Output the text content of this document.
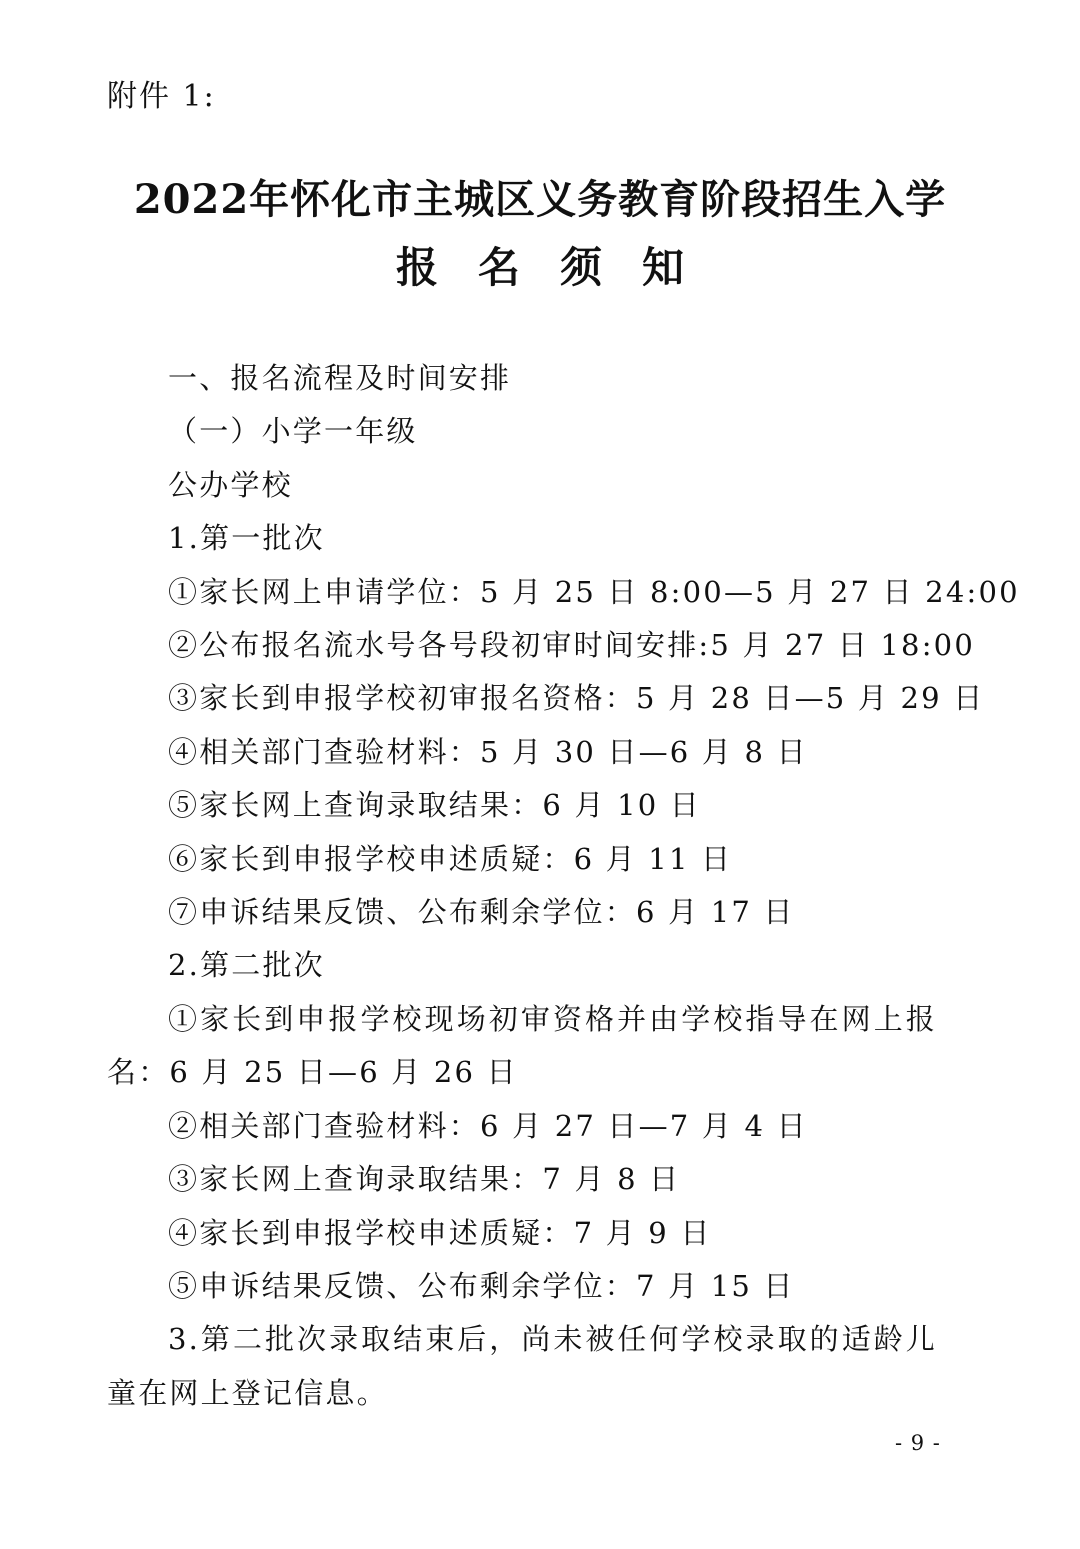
附件 1:
2022年怀化市主城区义务教育阶段招生入学
报名须知

一、报名流程及时间安排

（一）小学一年级

公办学校

1.第一批次

①家长网上申请学位：5 月 25 日 8:00—5 月 27 日 24:00

②公布报名流水号各号段初审时间安排:5 月 27 日 18:00

③家长到申报学校初审报名资格：5 月 28 日—5 月 29 日

④相关部门查验材料：5 月 30 日—6 月 8 日

⑤家长网上查询录取结果：6 月 10 日

⑥家长到申报学校申述质疑：6 月 11 日

⑦申诉结果反馈、公布剩余学位：6 月 17 日

2.第二批次

①家长到申报学校现场初审资格并由学校指导在网上报名：6 月 25 日—6 月 26 日

②相关部门查验材料：6 月 27 日—7 月 4 日

③家长网上查询录取结果：7 月 8 日

④家长到申报学校申述质疑：7 月 9 日

⑤申诉结果反馈、公布剩余学位：7 月 15 日

3.第二批次录取结束后，尚未被任何学校录取的适龄儿童在网上登记信息。

- 9 -
